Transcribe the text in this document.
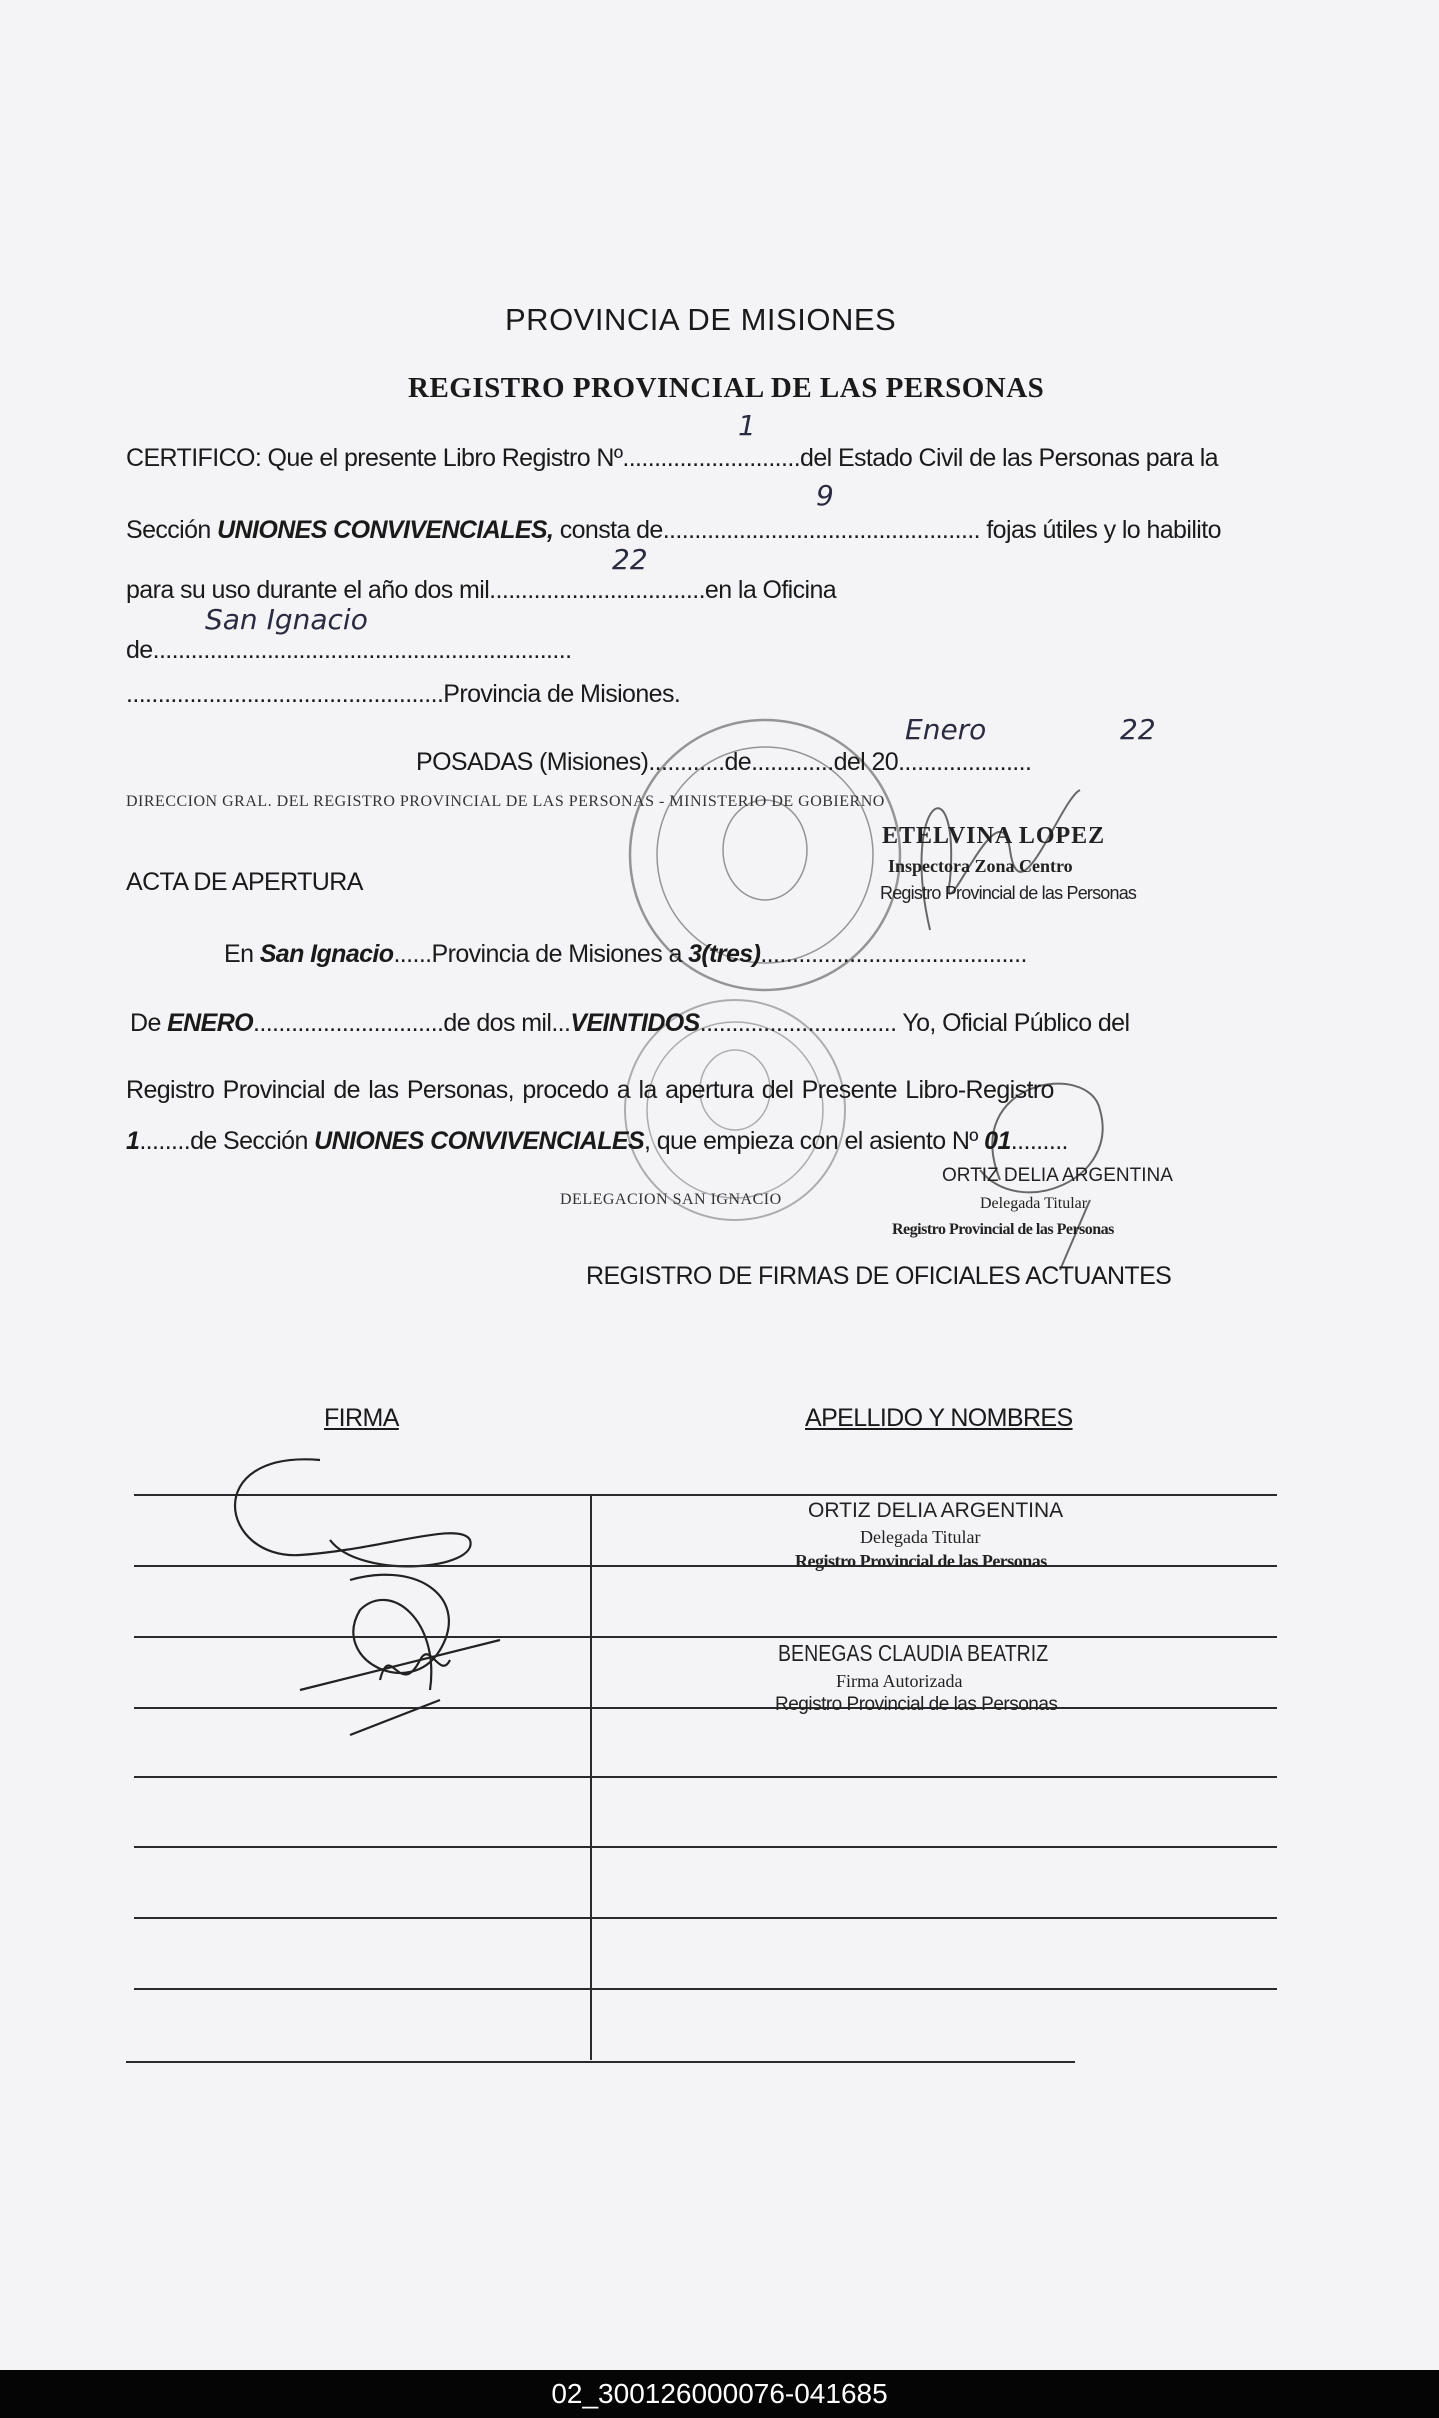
PROVINCIA DE MISIONES
REGISTRO PROVINCIAL DE LAS PERSONAS
1
CERTIFICO: Que el presente Libro Registro Nº............................del Estado Civil de las Personas para la
9
Sección UNIONES CONVIVENCIALES, consta de.................................................. fojas útiles y lo habilito
22
para su uso durante el año dos mil..................................en la Oficina
San Ignacio
de..................................................................
..................................................Provincia de Misiones.
Enero	22
POSADAS (Misiones)............de.............del 20.....................
DIRECCION GRAL. DEL REGISTRO PROVINCIAL DE LAS PERSONAS - MINISTERIO DE GOBIERNO
ACTA DE APERTURA
En San Ignacio......Provincia de Misiones a 3(tres)..........................................
De ENERO..............................de dos mil...VEINTIDOS............................... Yo, Oficial Público del
Registro Provincial de las Personas, procedo a la apertura del Presente Libro-Registro
1........de Sección UNIONES CONVIVENCIALES, que empieza con el asiento Nº 01.........
DELEGACION SAN IGNACIO
ETELVINA LOPEZ
Inspectora Zona Centro
Registro Provincial de las Personas
ORTIZ DELIA ARGENTINA
Delegada Titular
Registro Provincial de las Personas
REGISTRO DE FIRMAS DE OFICIALES ACTUANTES
FIRMA	APELLIDO Y NOMBRES
ORTIZ DELIA ARGENTINA
Delegada Titular
Registro Provincial de las Personas
BENEGAS CLAUDIA BEATRIZ
Firma Autorizada
Registro Provincial de las Personas
02_300126000076-041685
